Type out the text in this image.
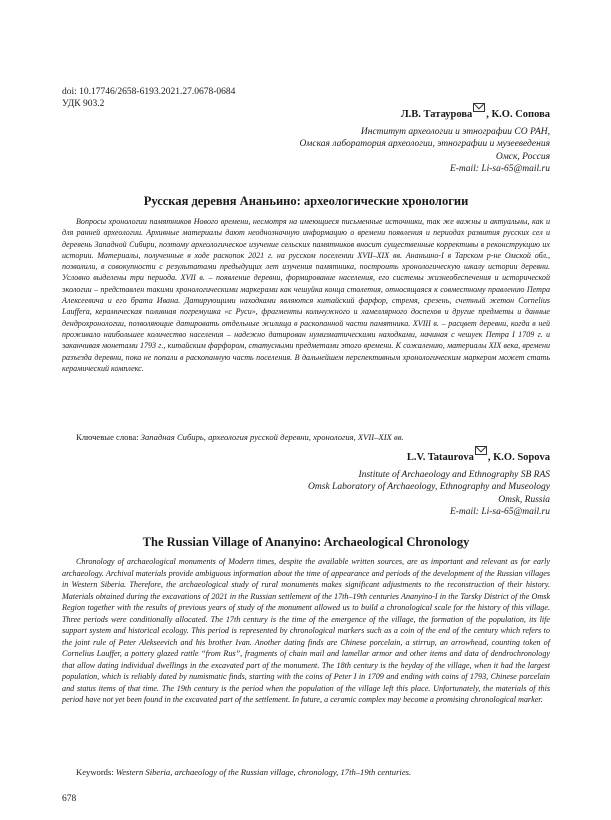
doi: 10.17746/2658-6193.2021.27.0678-0684
УДК 903.2
Л.В. Татаурова , К.О. Сопова
Институт археологии и этнографии СО РАН,
Омская лаборатория археологии, этнографии и музееведения
Омск, Россия
E-mail: Li-sa-65@mail.ru
Русская деревня Ананьино: археологические хронологии
Вопросы хронологии памятников Нового времени, несмотря на имеющиеся письменные источники, так же важны и актуальны, как и для ранней археологии. Архивные материалы дают неоднозначную информацию о времени появления и периодах развития русских сел и деревень Западной Сибири, поэтому археологическое изучение сельских памятников вносит существенные коррективы в реконструкцию их истории. Материалы, полученные в ходе раскопок 2021 г. на русском поселении XVII–XIX вв. Ананьино-I в Тарском р-не Омской обл., позволили, в совокупности с результатами предыдущих лет изучения памятника, построить хронологическую шкалу истории деревни. Условно выделены три периода. XVII в. – появление деревни, формирование населения, его системы жизнеобеспечения и исторической экологии – представлен такими хронологическими маркерами как чешуйка конца столетия, относящаяся к совместному правлению Петра Алексеевича и его брата Ивана. Датирующими находками являются китайский фарфор, стремя, срезень, счетный жетон Cornelius Lauffera, керамическая поливная погремушка «с Руси», фрагменты кольчужного и ламеллярного доспехов и другие предметы и данные дендрохронологии, позволяющие датировать отдельные жилища в раскопанной части памятника. XVIII в. – расцвет деревни, когда в ней проживало наибольшее количество населения – надежно датирован нумизматическими находками, начиная с чешуек Петра I 1709 г. и заканчивая монетами 1793 г., китайским фарфором, статусными предметами этого времени. К сожалению, материалы XIX века, времени разъезда деревни, пока не попали в раскопанную часть поселения. В дальнейшем перспективным хронологическим маркером может стать керамический комплекс.
Ключевые слова: Западная Сибирь, археология русской деревни, хронология, XVII–XIX вв.
L.V. Tataurova , K.O. Sopova
Institute of Archaeology and Ethnography SB RAS
Omsk Laboratory of Archaeology, Ethnography and Museology
Omsk, Russia
E-mail: Li-sa-65@mail.ru
The Russian Village of Ananyino: Archaeological Chronology
Chronology of archaeological monuments of Modern times, despite the available written sources, are as important and relevant as for early archaeology. Archival materials provide ambiguous information about the time of appearance and periods of the development of the Russian villages in Western Siberia. Therefore, the archaeological study of rural monuments makes significant adjustments to the reconstruction of their history. Materials obtained during the excavations of 2021 in the Russian settlement of the 17th–19th centuries Ananyino-I in the Tarsky District of the Omsk Region together with the results of previous years of study of the monument allowed us to build a chronological scale for the history of this village. Three periods were conditionally allocated. The 17th century is the time of the emergence of the village, the formation of the population, its life support system and historical ecology. This period is represented by chronological markers such as a coin of the end of the century which refers to the joint rule of Peter Alekseevich and his brother Ivan. Another dating finds are Chinese porcelain, a stirrup, an arrowhead, counting token of Cornelius Lauffer, a pottery glazed rattle “from Rus”, fragments of chain mail and lamellar armor and other items and data of dendrochronology that allow dating individual dwellings in the excavated part of the monument. The 18th century is the heyday of the village, when it had the largest population, which is reliably dated by numismatic finds, starting with the coins of Peter I in 1709 and ending with coins of 1793, Chinese porcelain and status items of that time. The 19th century is the period when the population of the village left this place. Unfortunately, the materials of this period have not yet been found in the excavated part of the settlement. In future, a ceramic complex may become a promising chronological marker.
Keywords: Western Siberia, archaeology of the Russian village, chronology, 17th–19th centuries.
678
